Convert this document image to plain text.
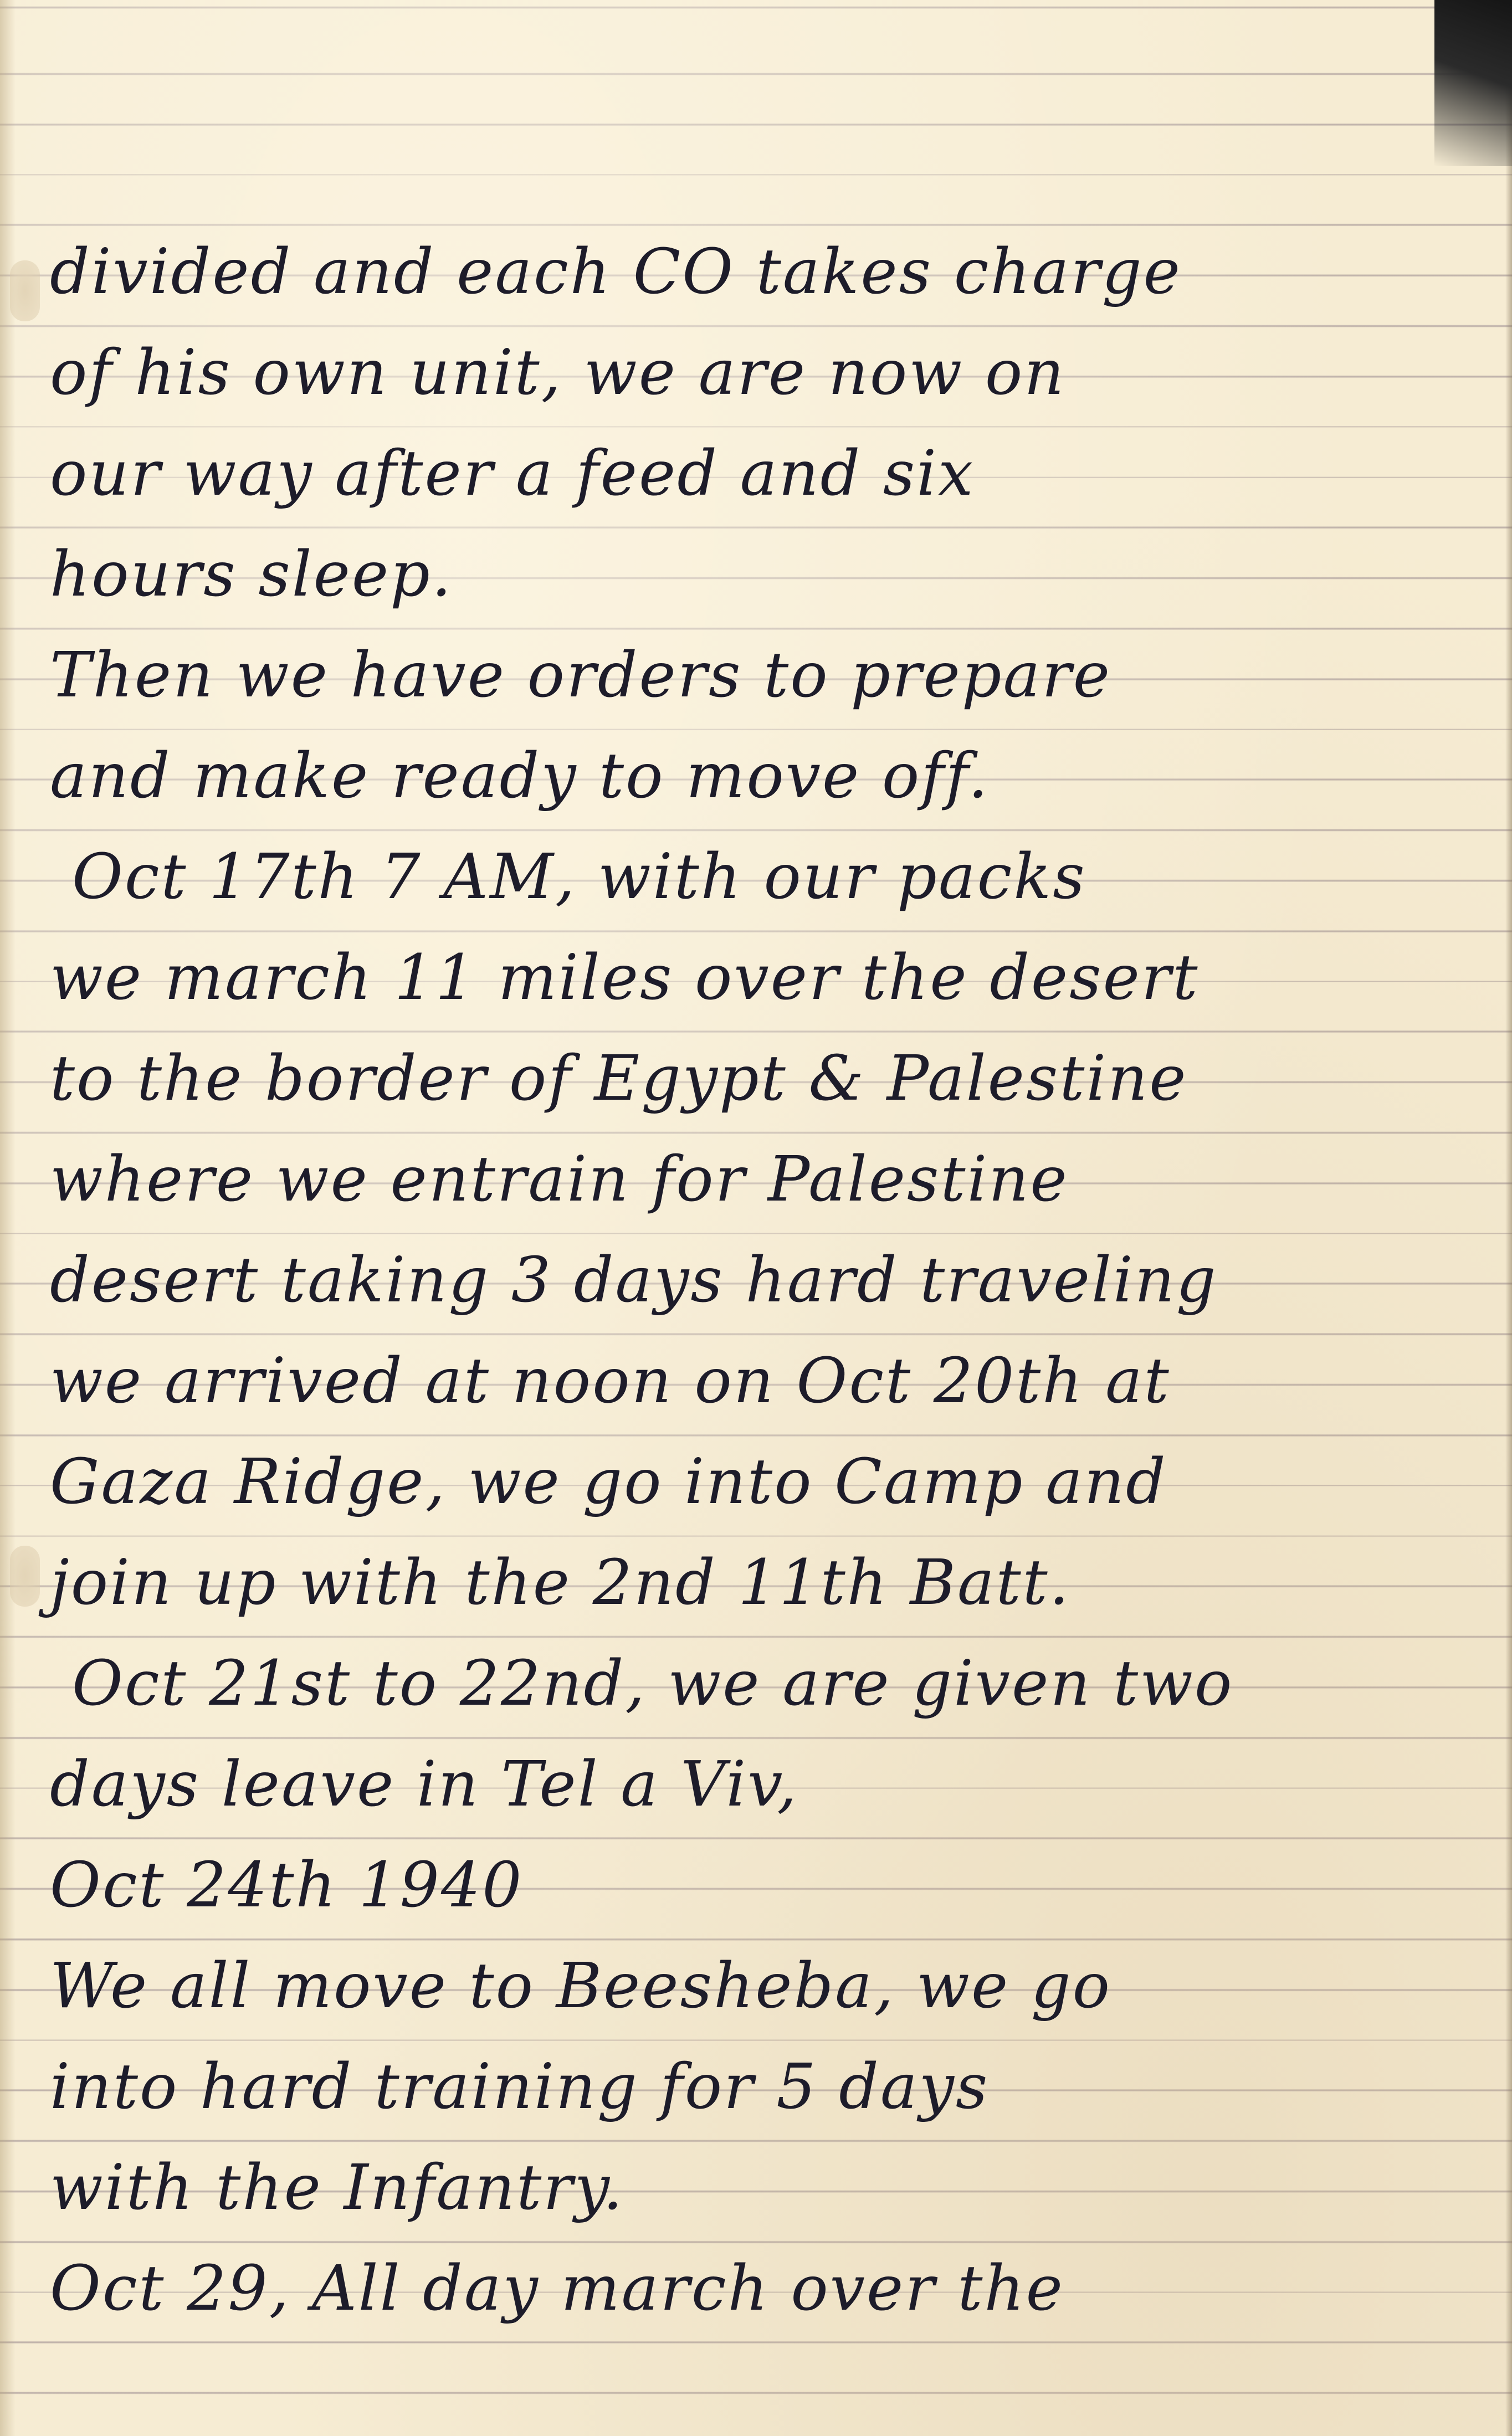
divided and each CO takes charge
of his own unit, we are now on
our way after a feed and six
hours sleep.
Then we have orders to prepare
and make ready to move off.
Oct 17th 7 AM, with our packs
we march 11 miles over the desert
to the border of Egypt & Palestine
where we entrain for Palestine
desert taking 3 days hard traveling
we arrived at noon on Oct 20th at
Gaza Ridge, we go into Camp and
join up with the 2nd 11th Batt.
Oct 21st to 22nd, we are given two
days leave in Tel a Viv,
Oct 24th 1940
We all move to Beesheba, we go
into hard training for 5 days
with the Infantry.
Oct 29, All day march over the
